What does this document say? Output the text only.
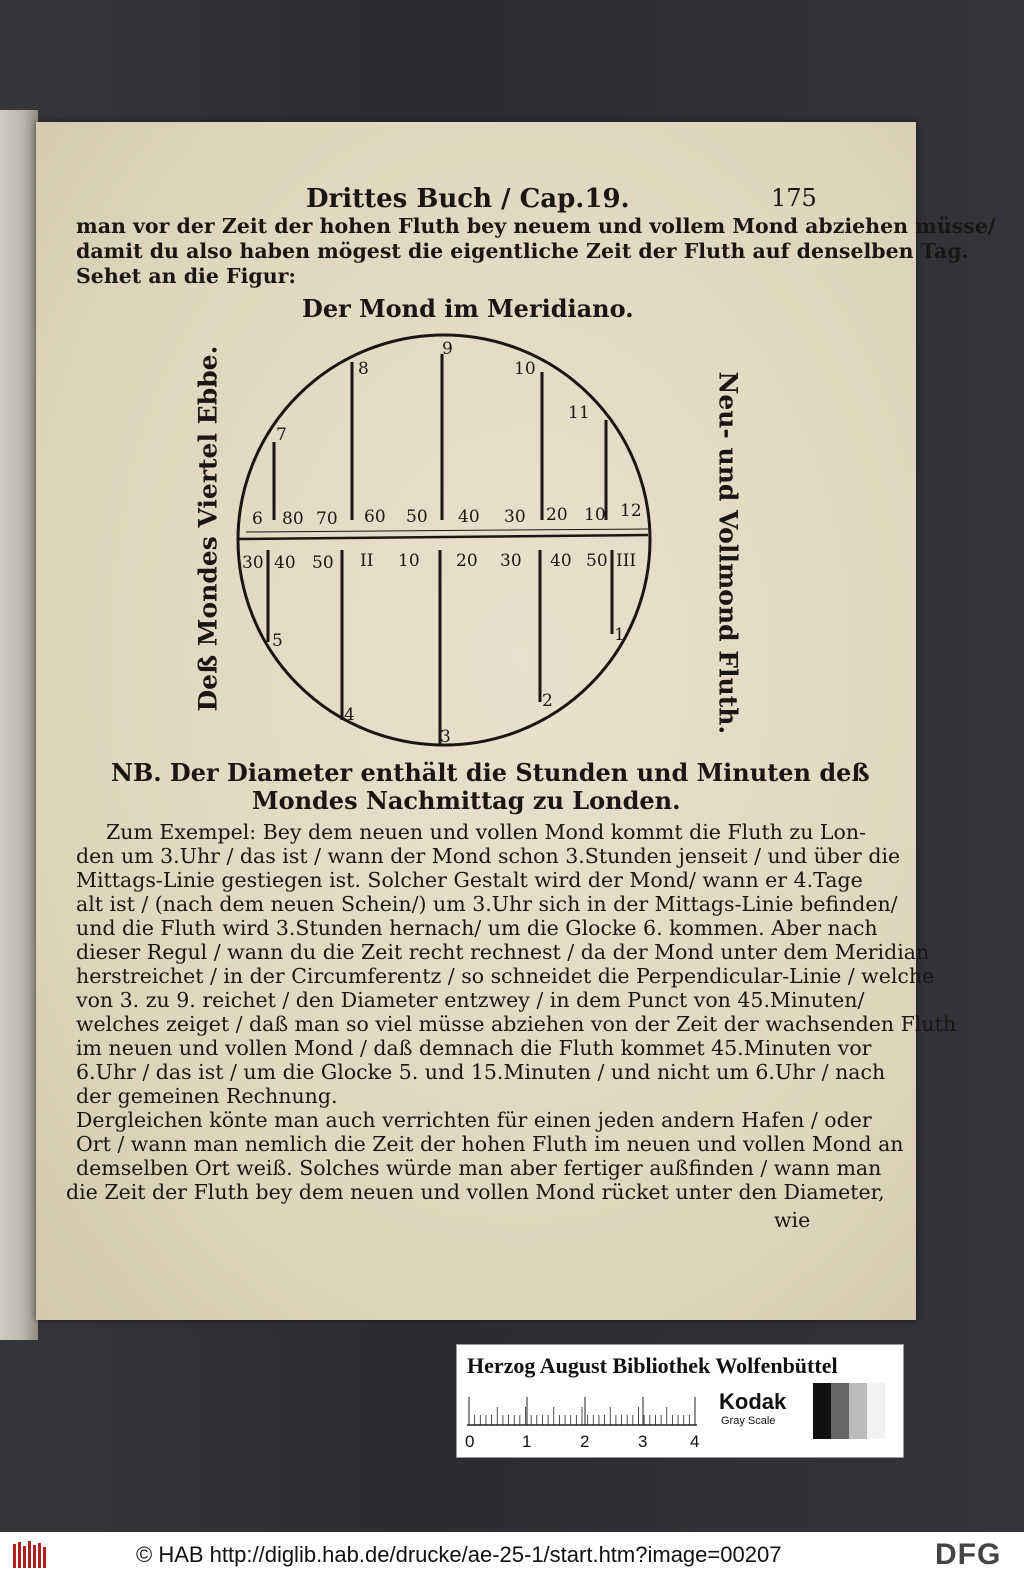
Drittes Buch / Cap.19.	175
man vor der Zeit der hohen Fluth bey neuem und vollem Mond abziehen müsse/
damit du also haben mögest die eigentliche Zeit der Fluth auf denselben Tag.
Sehet an die Figur:
Der Mond im Meridiano.
Deß Mondes Viertel Ebbe.	Neu- und Vollmond Fluth.
6
7
8
9
10
11
12
80 70 60 50 40 30 20 10
30 40 50 II 10 20 30 40 50 III
5
4
3
2
1
NB. Der Diameter enthält die Stunden und Minuten deß
Mondes Nachmittag zu Londen.
Zum Exempel: Bey dem neuen und vollen Mond kommt die Fluth zu Lon-
den um 3.Uhr / das ist / wann der Mond schon 3.Stunden jenseit / und über die
Mittags-Linie gestiegen ist. Solcher Gestalt wird der Mond/ wann er 4.Tage
alt ist / (nach dem neuen Schein/) um 3.Uhr sich in der Mittags-Linie befinden/
und die Fluth wird 3.Stunden hernach/ um die Glocke 6. kommen. Aber nach
dieser Regul / wann du die Zeit recht rechnest / da der Mond unter dem Meridian
herstreichet / in der Circumferentz / so schneidet die Perpendicular-Linie / welche
von 3. zu 9. reichet / den Diameter entzwey / in dem Punct von 45.Minuten/
welches zeiget / daß man so viel müsse abziehen von der Zeit der wachsenden Fluth
im neuen und vollen Mond / daß demnach die Fluth kommet 45.Minuten vor
6.Uhr / das ist / um die Glocke 5. und 15.Minuten / und nicht um 6.Uhr / nach
der gemeinen Rechnung.
Dergleichen könte man auch verrichten für einen jeden andern Hafen / oder
Ort / wann man nemlich die Zeit der hohen Fluth im neuen und vollen Mond an
demselben Ort weiß. Solches würde man aber fertiger außfinden / wann man
die Zeit der Fluth bey dem neuen und vollen Mond rücket unter den Diameter,
wie
Herzog August Bibliothek Wolfenbüttel
0	1	2	3	4
Kodak
Gray Scale
© HAB http://diglib.hab.de/drucke/ae-25-1/start.htm?image=00207	DFG
